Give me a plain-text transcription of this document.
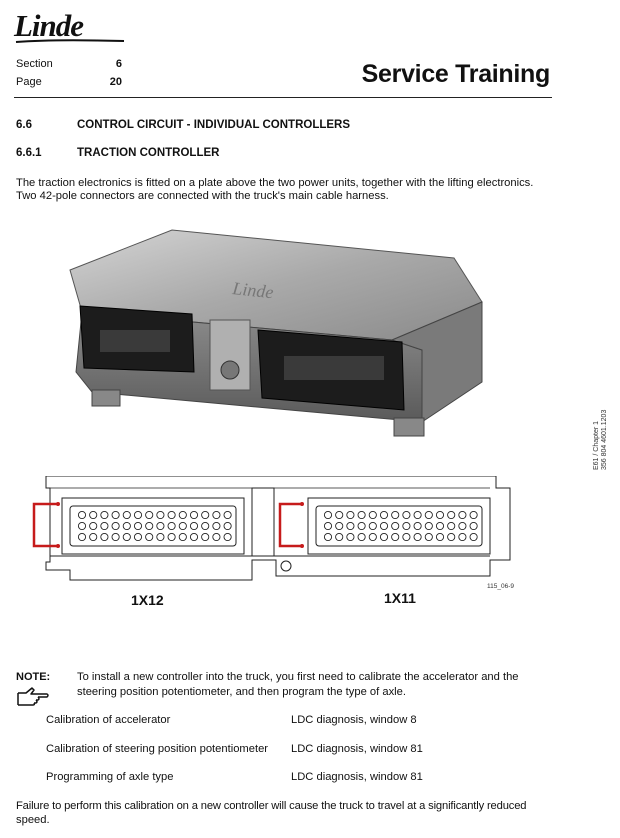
Linde
Section	6
Page	20	Service Training
6.6	CONTROL CIRCUIT - INDIVIDUAL CONTROLLERS
6.6.1	TRACTION CONTROLLER
The traction electronics is fitted on a plate above the two power units, together with the lifting electronics.
Two 42-pole connectors are connected with the truck's main cable harness.
Linde
E61 / Chapter 1 356 804 4601.1203
1X12	1X11
115_06-9
NOTE: To install a new controller into the truck, you first need to calibrate the accelerator and the
steering position potentiometer, and then program the type of axle.
Calibration of accelerator	LDC diagnosis, window 8
Calibration of steering position potentiometer LDC diagnosis, window 81
Programming of axle type	LDC diagnosis, window 81
Failure to perform this calibration on a new controller will cause the truck to travel at a significantly reduced
speed.
